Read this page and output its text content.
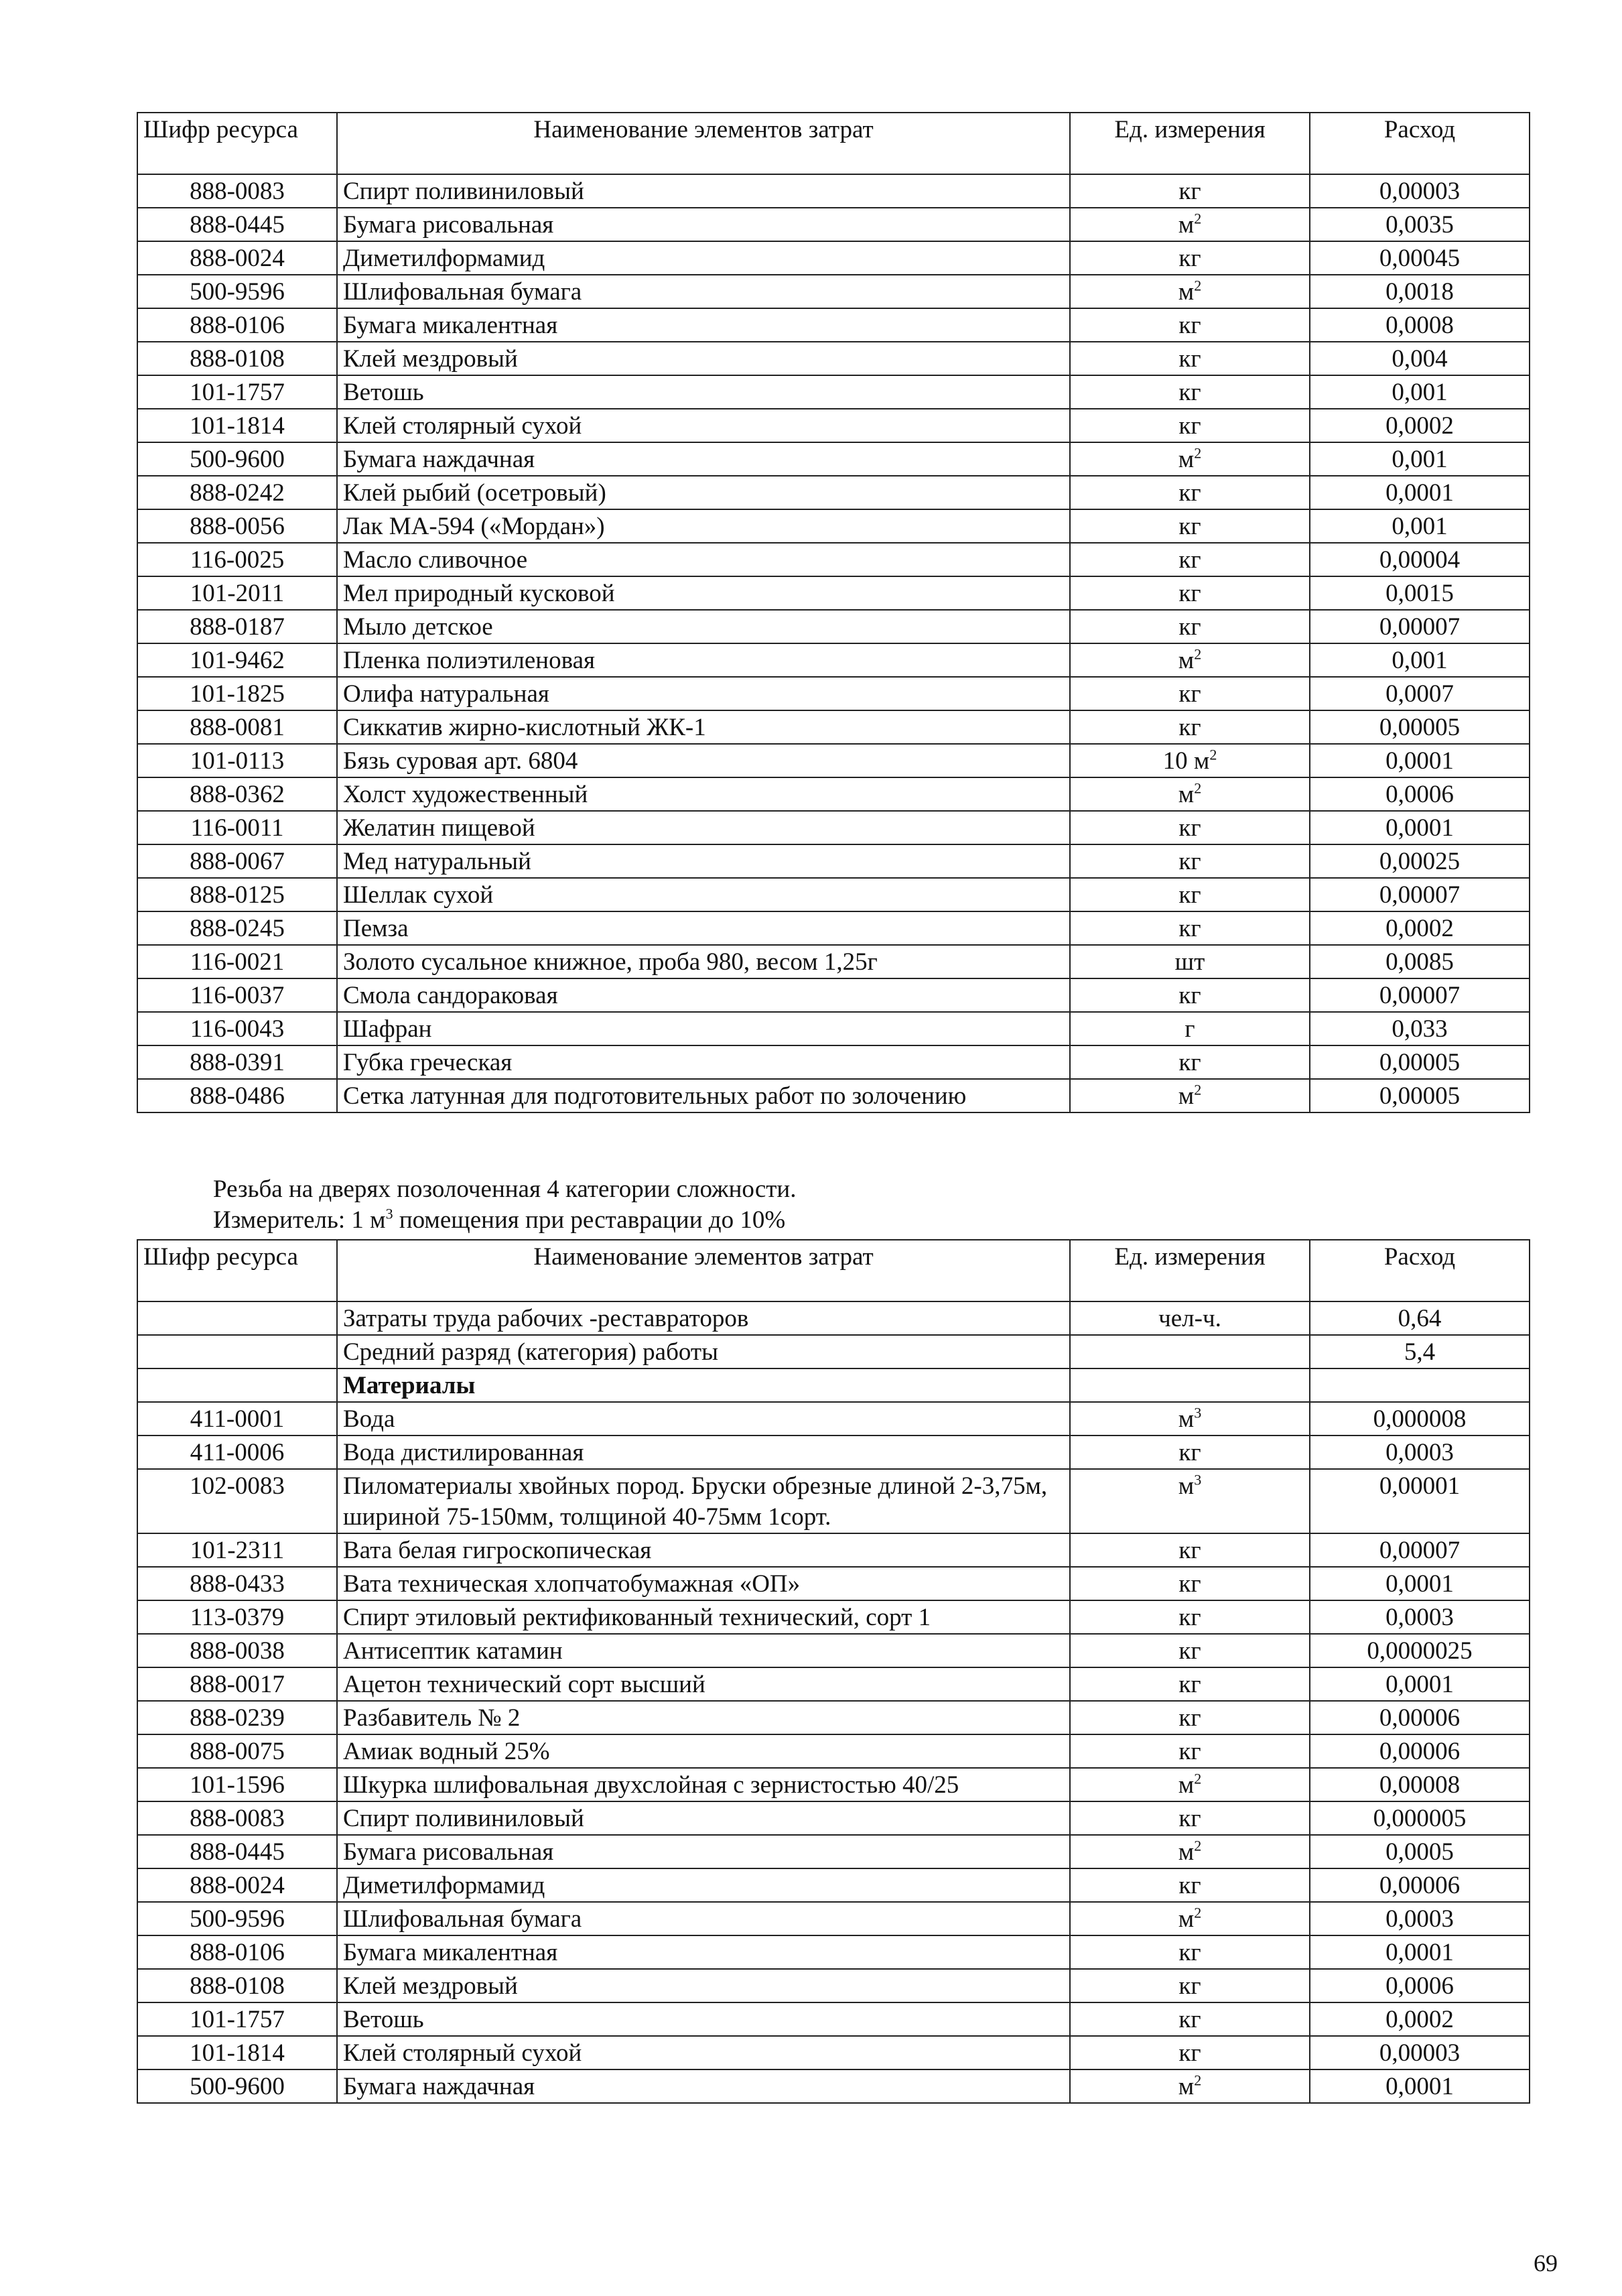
Шифр ресурса	Наименование элементов затрат	Ед. измерения	Расход
888-0083	Спирт поливиниловый	кг	0,00003
888-0445	Бумага рисовальная	$м^2$	0,0035
888-0024	Диметилформамид	кг	0,00045
500-9596	Шлифовальная бумага	$м^2$	0,0018
888-0106	Бумага микалентная	кг	0,0008
888-0108	Клей мездровый	кг	0,004
101-1757	Ветошь	кг	0,001
101-1814	Клей столярный сухой	кг	0,0002
500-9600	Бумага наждачная	$м^2$	0,001
888-0242	Клей рыбий (осетровый)	кг	0,0001
888-0056	Лак МА-594 («Мордан»)	кг	0,001
116-0025	Масло сливочное	кг	0,00004
101-2011	Мел природный кусковой	кг	0,0015
888-0187	Мыло детское	кг	0,00007
101-9462	Пленка полиэтиленовая	$м^2$	0,001
101-1825	Олифа натуральная	кг	0,0007
888-0081	Сиккатив жирно-кислотный ЖК-1	кг	0,00005
101-0113	Бязь суровая арт. 6804	10 $м^2$	0,0001
888-0362	Холст художественный	$м^2$	0,0006
116-0011	Желатин пищевой	кг	0,0001
888-0067	Мед натуральный	кг	0,00025
888-0125	Шеллак сухой	кг	0,00007
888-0245	Пемза	кг	0,0002
116-0021	Золото сусальное книжное, проба 980, весом 1,25г	шт	0,0085
116-0037	Смола сандораковая	кг	0,00007
116-0043	Шафран	г	0,033
888-0391	Губка греческая	кг	0,00005
888-0486	Сетка латунная для подготовительных работ по золочению	$м^2$	0,00005
Резьба на дверях позолоченная 4 категории сложности.
Измеритель: 1 $м^3$ помещения при реставрации до 10%
Шифр ресурса	Наименование элементов затрат	Ед. измерения	Расход
	Затраты труда рабочих -реставраторов	чел-ч.	0,64
	Средний разряд (категория) работы		5,4
	Материалы		
411-0001	Вода	$м^3$	0,000008
411-0006	Вода дистилированная	кг	0,0003
102-0083	Пиломатериалы хвойных пород. Бруски обрезные длиной 2-3,75м, шириной 75-150мм, толщиной 40-75мм 1сорт.	$м^3$	0,00001
101-2311	Вата белая гигроскопическая	кг	0,00007
888-0433	Вата техническая хлопчатобумажная «ОП»	кг	0,0001
113-0379	Спирт этиловый ректификованный технический, сорт 1	кг	0,0003
888-0038	Антисептик катамин	кг	0,0000025
888-0017	Ацетон технический сорт высший	кг	0,0001
888-0239	Разбавитель № 2	кг	0,00006
888-0075	Амиак водный 25%	кг	0,00006
101-1596	Шкурка шлифовальная двухслойная с зернистостью 40/25	$м^2$	0,00008
888-0083	Спирт поливиниловый	кг	0,000005
888-0445	Бумага рисовальная	$м^2$	0,0005
888-0024	Диметилформамид	кг	0,00006
500-9596	Шлифовальная бумага	$м^2$	0,0003
888-0106	Бумага микалентная	кг	0,0001
888-0108	Клей мездровый	кг	0,0006
101-1757	Ветошь	кг	0,0002
101-1814	Клей столярный сухой	кг	0,00003
500-9600	Бумага наждачная	$м^2$	0,0001
69
